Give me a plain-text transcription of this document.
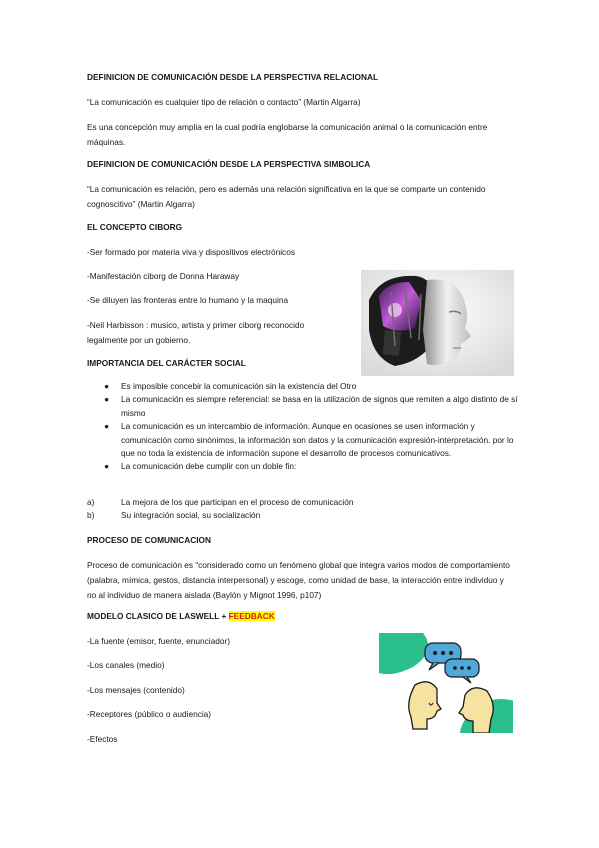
DEFINICION DE COMUNICACIÓN DESDE LA PERSPECTIVA RELACIONAL

“La comunicación es cualquier tipo de relación o contacto” (Martin Algarra)

Es una concepción muy amplia en la cual podría englobarse la comunicación animal o la comunicación entre máquinas.

DEFINICION DE COMUNICACIÓN DESDE LA PERSPECTIVA SIMBOLICA

“La comunicación es relación, pero es además una relación significativa en la que se comparte un contenido cognoscitivo” (Martin Algarra)

EL CONCEPTO CIBORG

-Ser formado por materia viva y dispositivos electrónicos

-Manifestación ciborg de Donna Haraway

-Se diluyen las fronteras entre lo humano y la maquina

-Neil Harbisson : musico, artista y primer ciborg reconocido legalmente por un gobierno.

IMPORTANCIA DEL CARÁCTER SOCIAL

● Es imposible concebir la comunicación sin la existencia del Otro
● La comunicación es siempre referencial: se basa en la utilización de signos que remiten a algo distinto de sí mismo
● La comunicación es un intercambio de información. Aunque en ocasiones se usen información y comunicación como sinónimos, la información son datos y la comunicación expresión-interpretación. por lo que no toda la existencia de información supone el desarrollo de procesos comunicativos.
● La comunicación debe cumplir con un doble fin:

a)	La mejora de los que participan en el proceso de comunicación

b)	Su integración social, su socialización

PROCESO DE COMUNICACION

Proceso de comunicación es “considerado como un fenómeno global que integra varios modos de comportamiento (palabra, mímica, gestos, distancia interpersonal) y escoge, como unidad de base, la interacción entre individuo y no al individuo de manera aislada (Baylón y Mignot 1996, p107)

MODELO CLASICO DE LASWELL + FEEDBACK

-La fuente (emisor, fuente, enunciador)

-Los canales (medio)

-Los mensajes (contenido)

-Receptores (público o audiencia)

-Efectos
